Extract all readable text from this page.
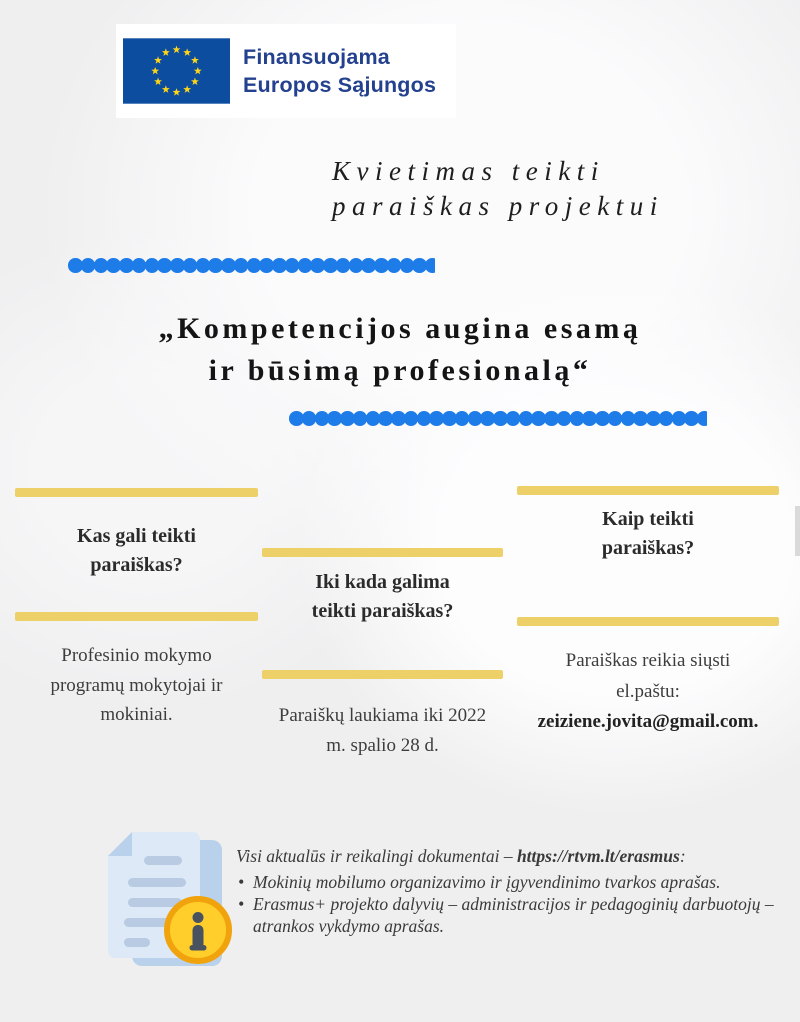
Finansuojama
Europos Sąjungos
Kvietimas teikti
paraiškas projektui
„Kompetencijos augina esamą
ir būsimą profesionalą“
Kas gali teikti
paraiškas?
Profesinio mokymo
programų mokytojai ir
mokiniai.
Iki kada galima
teikti paraiškas?
Paraiškų laukiama iki 2022
m. spalio 28 d.
Kaip teikti
paraiškas?
Paraiškas reikia siųsti
el.paštu:
zeiziene.jovita@gmail.com.

Visi aktualūs ir reikalingi dokumentai – https://rtvm.lt/erasmus:

• Mokinių mobilumo organizavimo ir įgyvendinimo tvarkos aprašas.
• Erasmus+ projekto dalyvių – administracijos ir pedagoginių darbuotojų –
atrankos vykdymo aprašas.
